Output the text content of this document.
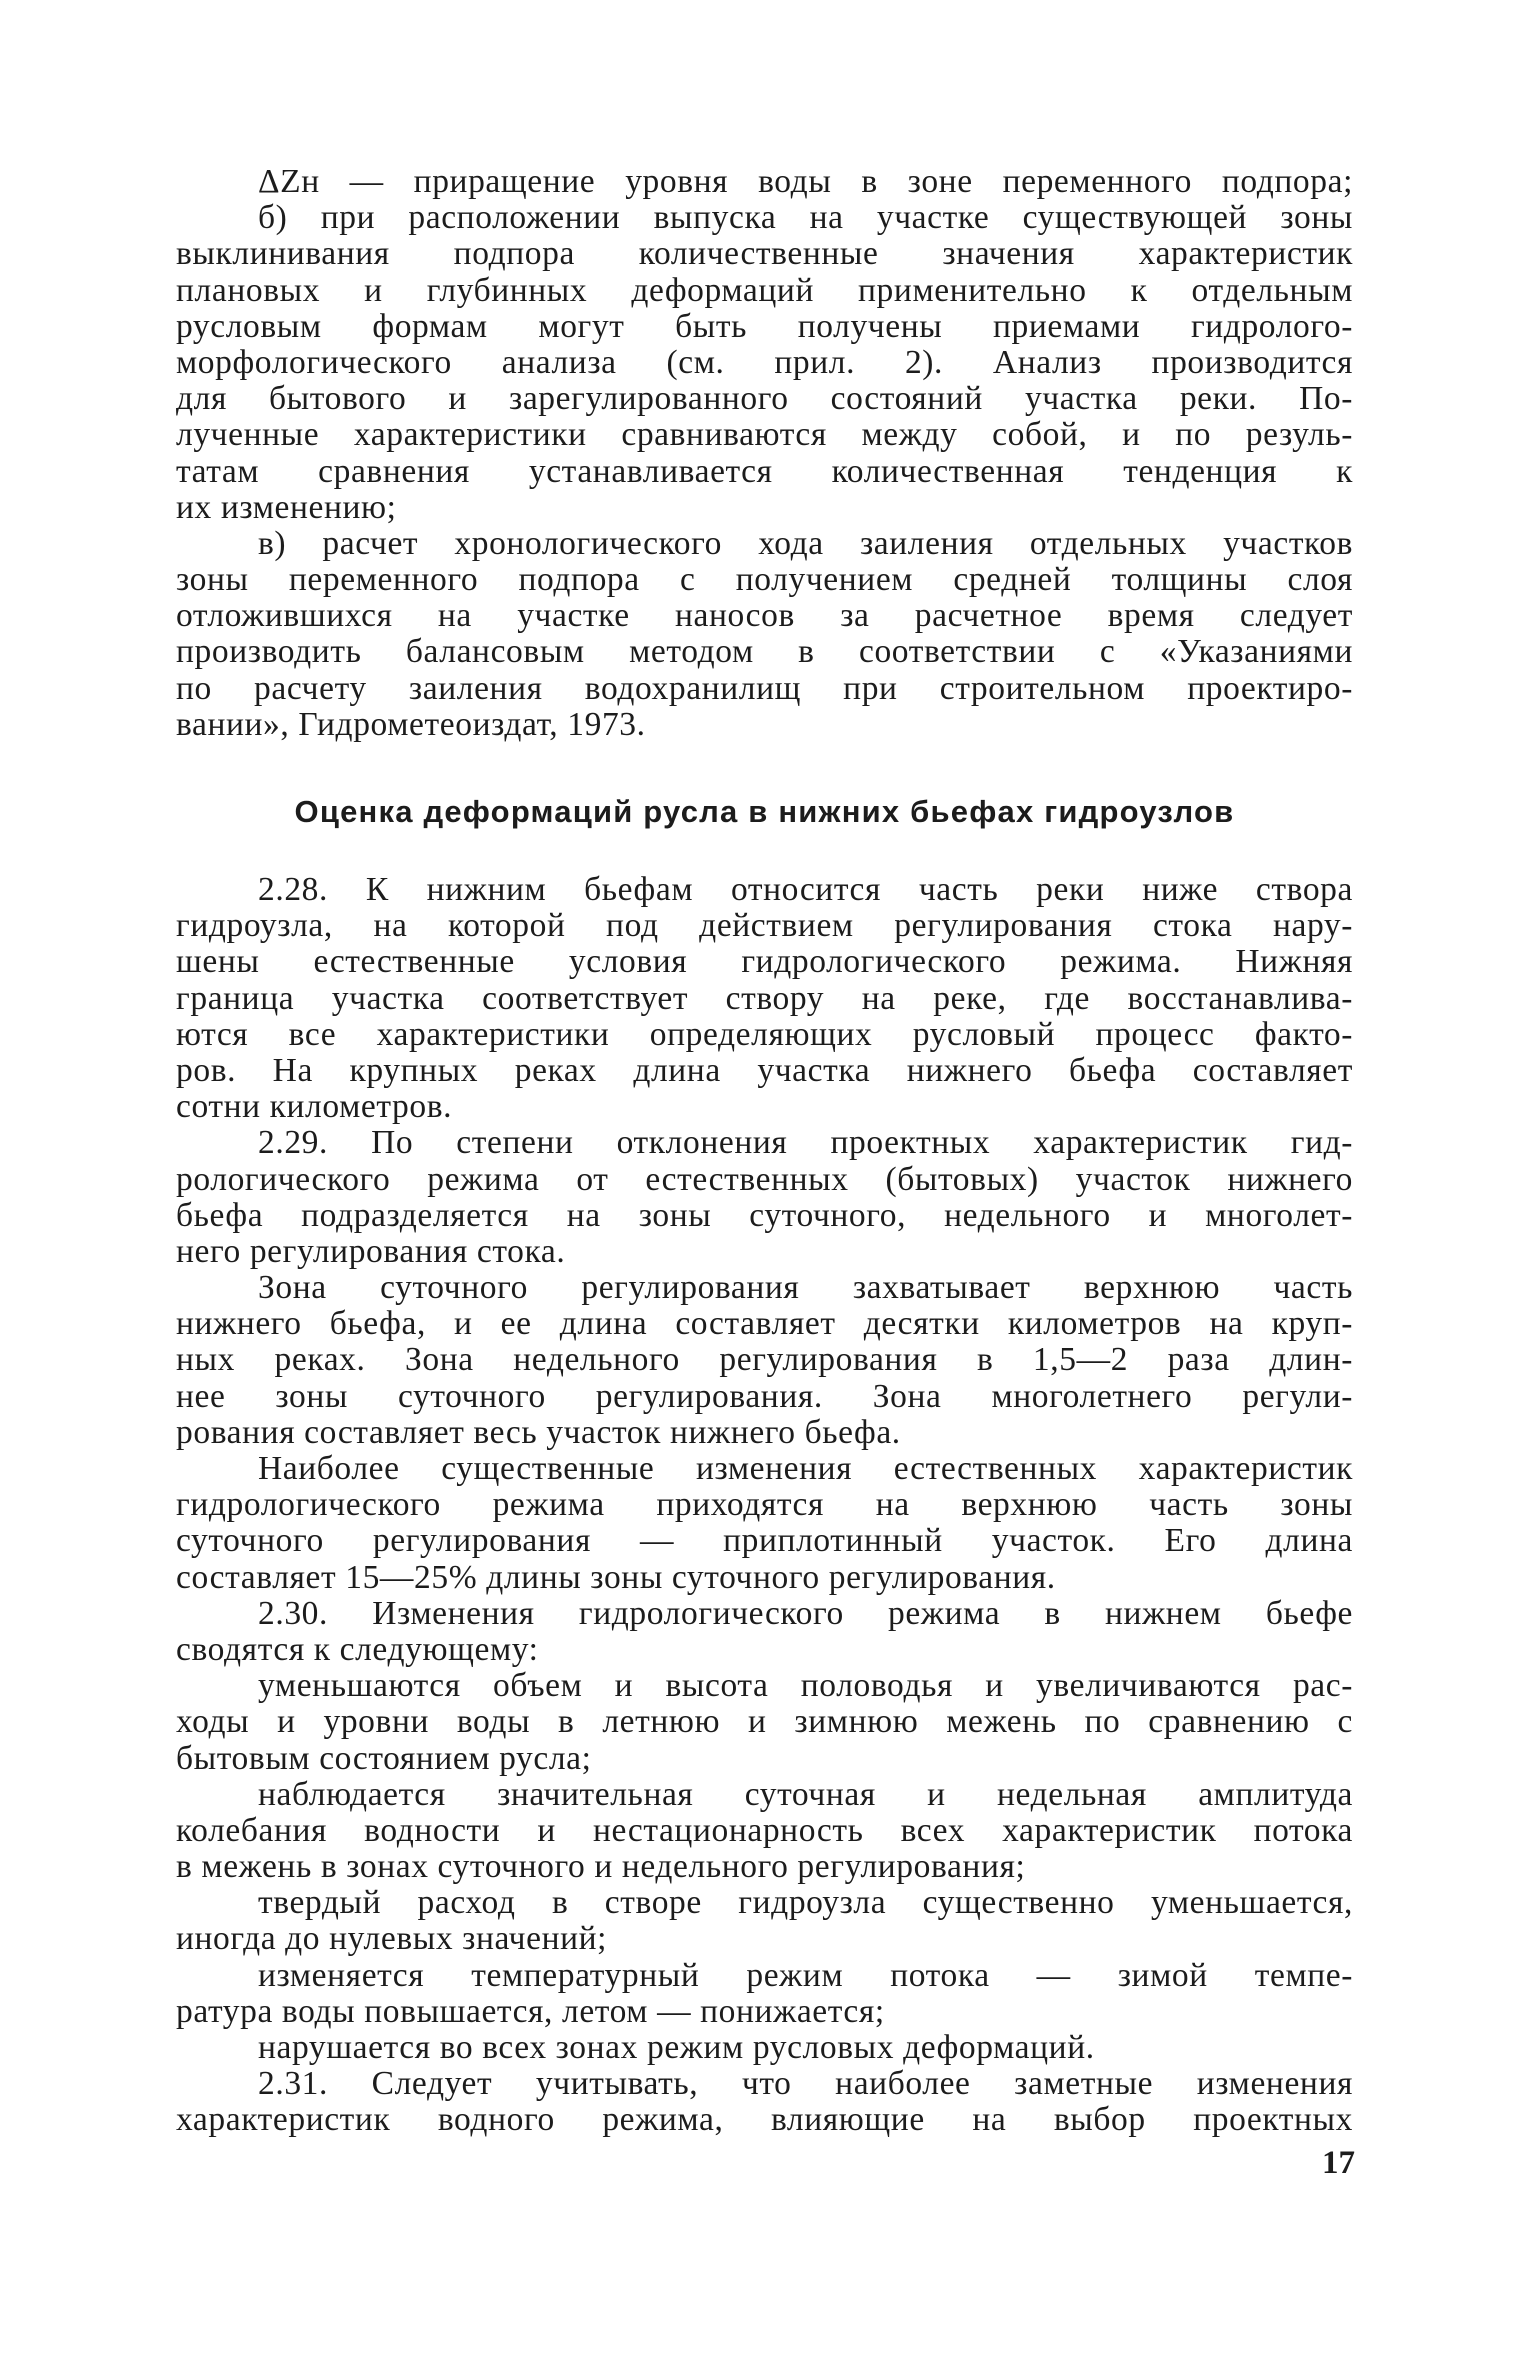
ΔZн — приращение уровня воды в зоне переменного подпора;
б) при расположении выпуска на участке существующей зоны
выклинивания подпора количественные значения характеристик
плановых и глубинных деформаций применительно к отдельным
русловым формам могут быть получены приемами гидролого-
морфологического анализа (см. прил. 2). Анализ производится
для бытового и зарегулированного состояний участка реки. По-
лученные характеристики сравниваются между собой, и по резуль-
татам сравнения устанавливается количественная тенденция к
их изменению;
в) расчет хронологического хода заиления отдельных участков
зоны переменного подпора с получением средней толщины слоя
отложившихся на участке наносов за расчетное время следует
производить балансовым методом в соответствии с «Указаниями
по расчету заиления водохранилищ при строительном проектиро-
вании», Гидрометеоиздат, 1973.
Оценка деформаций русла в нижних бьефах гидроузлов
2.28. К нижним бьефам относится часть реки ниже створа
гидроузла, на которой под действием регулирования стока нару-
шены естественные условия гидрологического режима. Нижняя
граница участка соответствует створу на реке, где восстанавлива-
ются все характеристики определяющих русловый процесс факто-
ров. На крупных реках длина участка нижнего бьефа составляет
сотни километров.
2.29. По степени отклонения проектных характеристик гид-
рологического режима от естественных (бытовых) участок нижнего
бьефа подразделяется на зоны суточного, недельного и многолет-
него регулирования стока.
Зона суточного регулирования захватывает верхнюю часть
нижнего бьефа, и ее длина составляет десятки километров на круп-
ных реках. Зона недельного регулирования в 1,5—2 раза длин-
нее зоны суточного регулирования. Зона многолетнего регули-
рования составляет весь участок нижнего бьефа.
Наиболее существенные изменения естественных характеристик
гидрологического режима приходятся на верхнюю часть зоны
суточного регулирования — приплотинный участок. Его длина
составляет 15—25% длины зоны суточного регулирования.
2.30. Изменения гидрологического режима в нижнем бьефе
сводятся к следующему:
уменьшаются объем и высота половодья и увеличиваются рас-
ходы и уровни воды в летнюю и зимнюю межень по сравнению с
бытовым состоянием русла;
наблюдается значительная суточная и недельная амплитуда
колебания водности и нестационарность всех характеристик потока
в межень в зонах суточного и недельного регулирования;
твердый расход в створе гидроузла существенно уменьшается,
иногда до нулевых значений;
изменяется температурный режим потока — зимой темпе-
ратура воды повышается, летом — понижается;
нарушается во всех зонах режим русловых деформаций.
2.31. Следует учитывать, что наиболее заметные изменения
характеристик водного режима, влияющие на выбор проектных
17
